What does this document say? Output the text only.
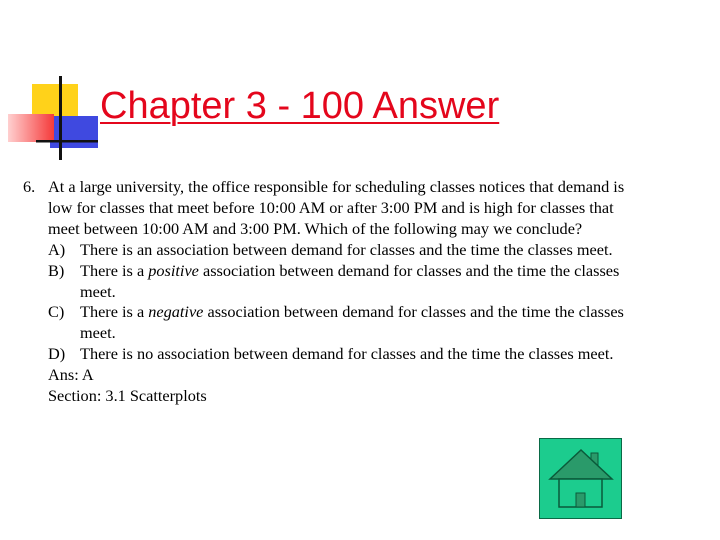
Chapter 3 - 100 Answer
6. At a large university, the office responsible for scheduling classes notices that demand is
low for classes that meet before 10:00 AM or after 3:00 PM and is high for classes that
meet between 10:00 AM and 3:00 PM. Which of the following may we conclude?
A) There is an association between demand for classes and the time the classes meet.
B) There is a positive association between demand for classes and the time the classes
meet.
C) There is a negative association between demand for classes and the time the classes
meet.
D) There is no association between demand for classes and the time the classes meet.
Ans: A
Section: 3.1 Scatterplots
